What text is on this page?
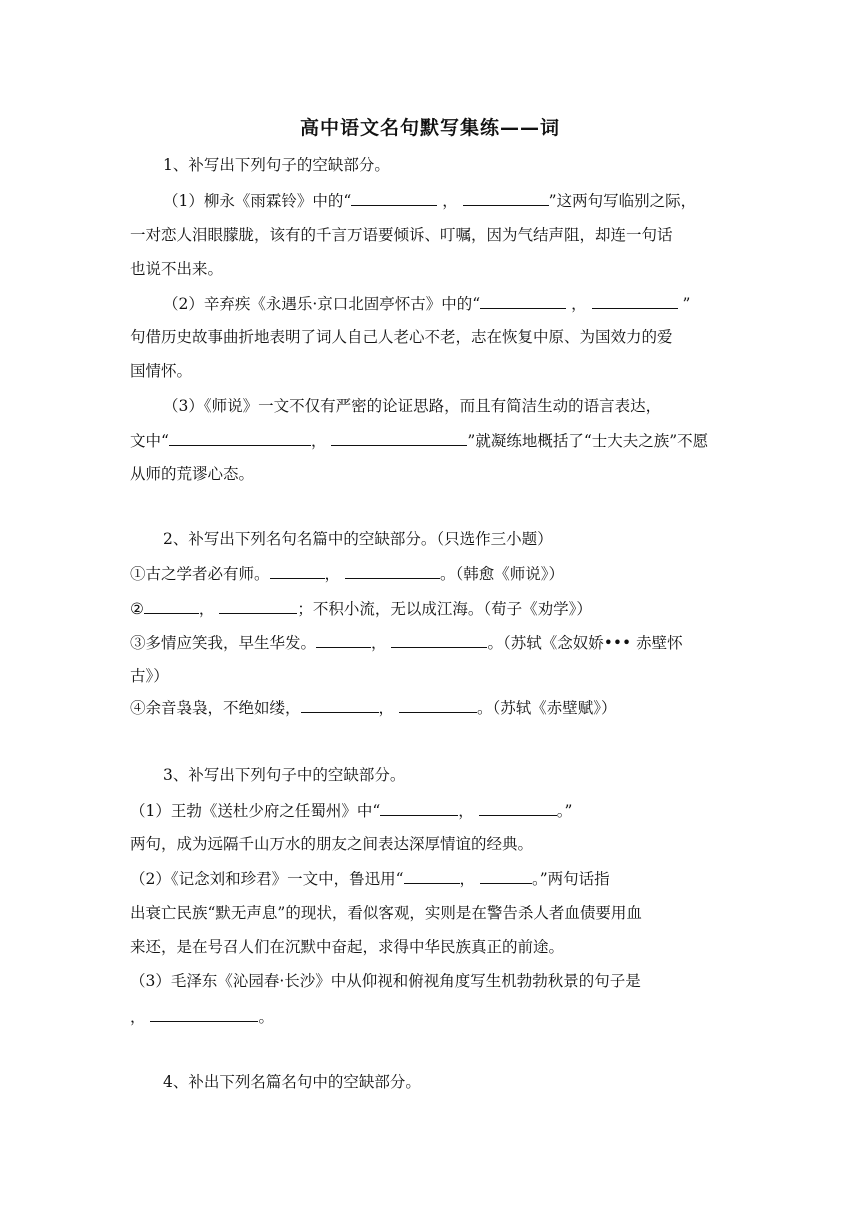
高中语文名句默写集练——词
1、补写出下列句子的空缺部分。
（1）柳永《雨霖铃》中的“	，	”这两句写临别之际，
一对恋人泪眼朦胧，该有的千言万语要倾诉、叮嘱，因为气结声阻，却连一句话
也说不出来。
（2）辛弃疾《永遇乐·京口北固亭怀古》中的“	，	”
句借历史故事曲折地表明了词人自己人老心不老，志在恢复中原、为国效力的爱
国情怀。
（3）《师说》一文不仅有严密的论证思路，而且有简洁生动的语言表达，
文中“	，	”就凝练地概括了“士大夫之族”不愿
从师的荒谬心态。
2、补写出下列名句名篇中的空缺部分。（只选作三小题）
①古之学者必有师。	，	。（韩愈《师说》）
②	，	；不积小流，无以成江海。（荀子《劝学》）
③多情应笑我，早生华发。	，	。（苏轼《念奴娇••• 赤壁怀
古》）
④余音袅袅，不绝如缕，	，	。（苏轼《赤壁赋》）
3、补写出下列句子中的空缺部分。
（1）王勃《送杜少府之任蜀州》中“	，	。”
两句，成为远隔千山万水的朋友之间表达深厚情谊的经典。
（2）《记念刘和珍君》一文中，鲁迅用“	，	。”两句话指
出衰亡民族“默无声息”的现状，看似客观，实则是在警告杀人者血债要用血
来还，是在号召人们在沉默中奋起，求得中华民族真正的前途。
（3）毛泽东《沁园春·长沙》中从仰视和俯视角度写生机勃勃秋景的句子是
，	。
4、补出下列名篇名句中的空缺部分。
